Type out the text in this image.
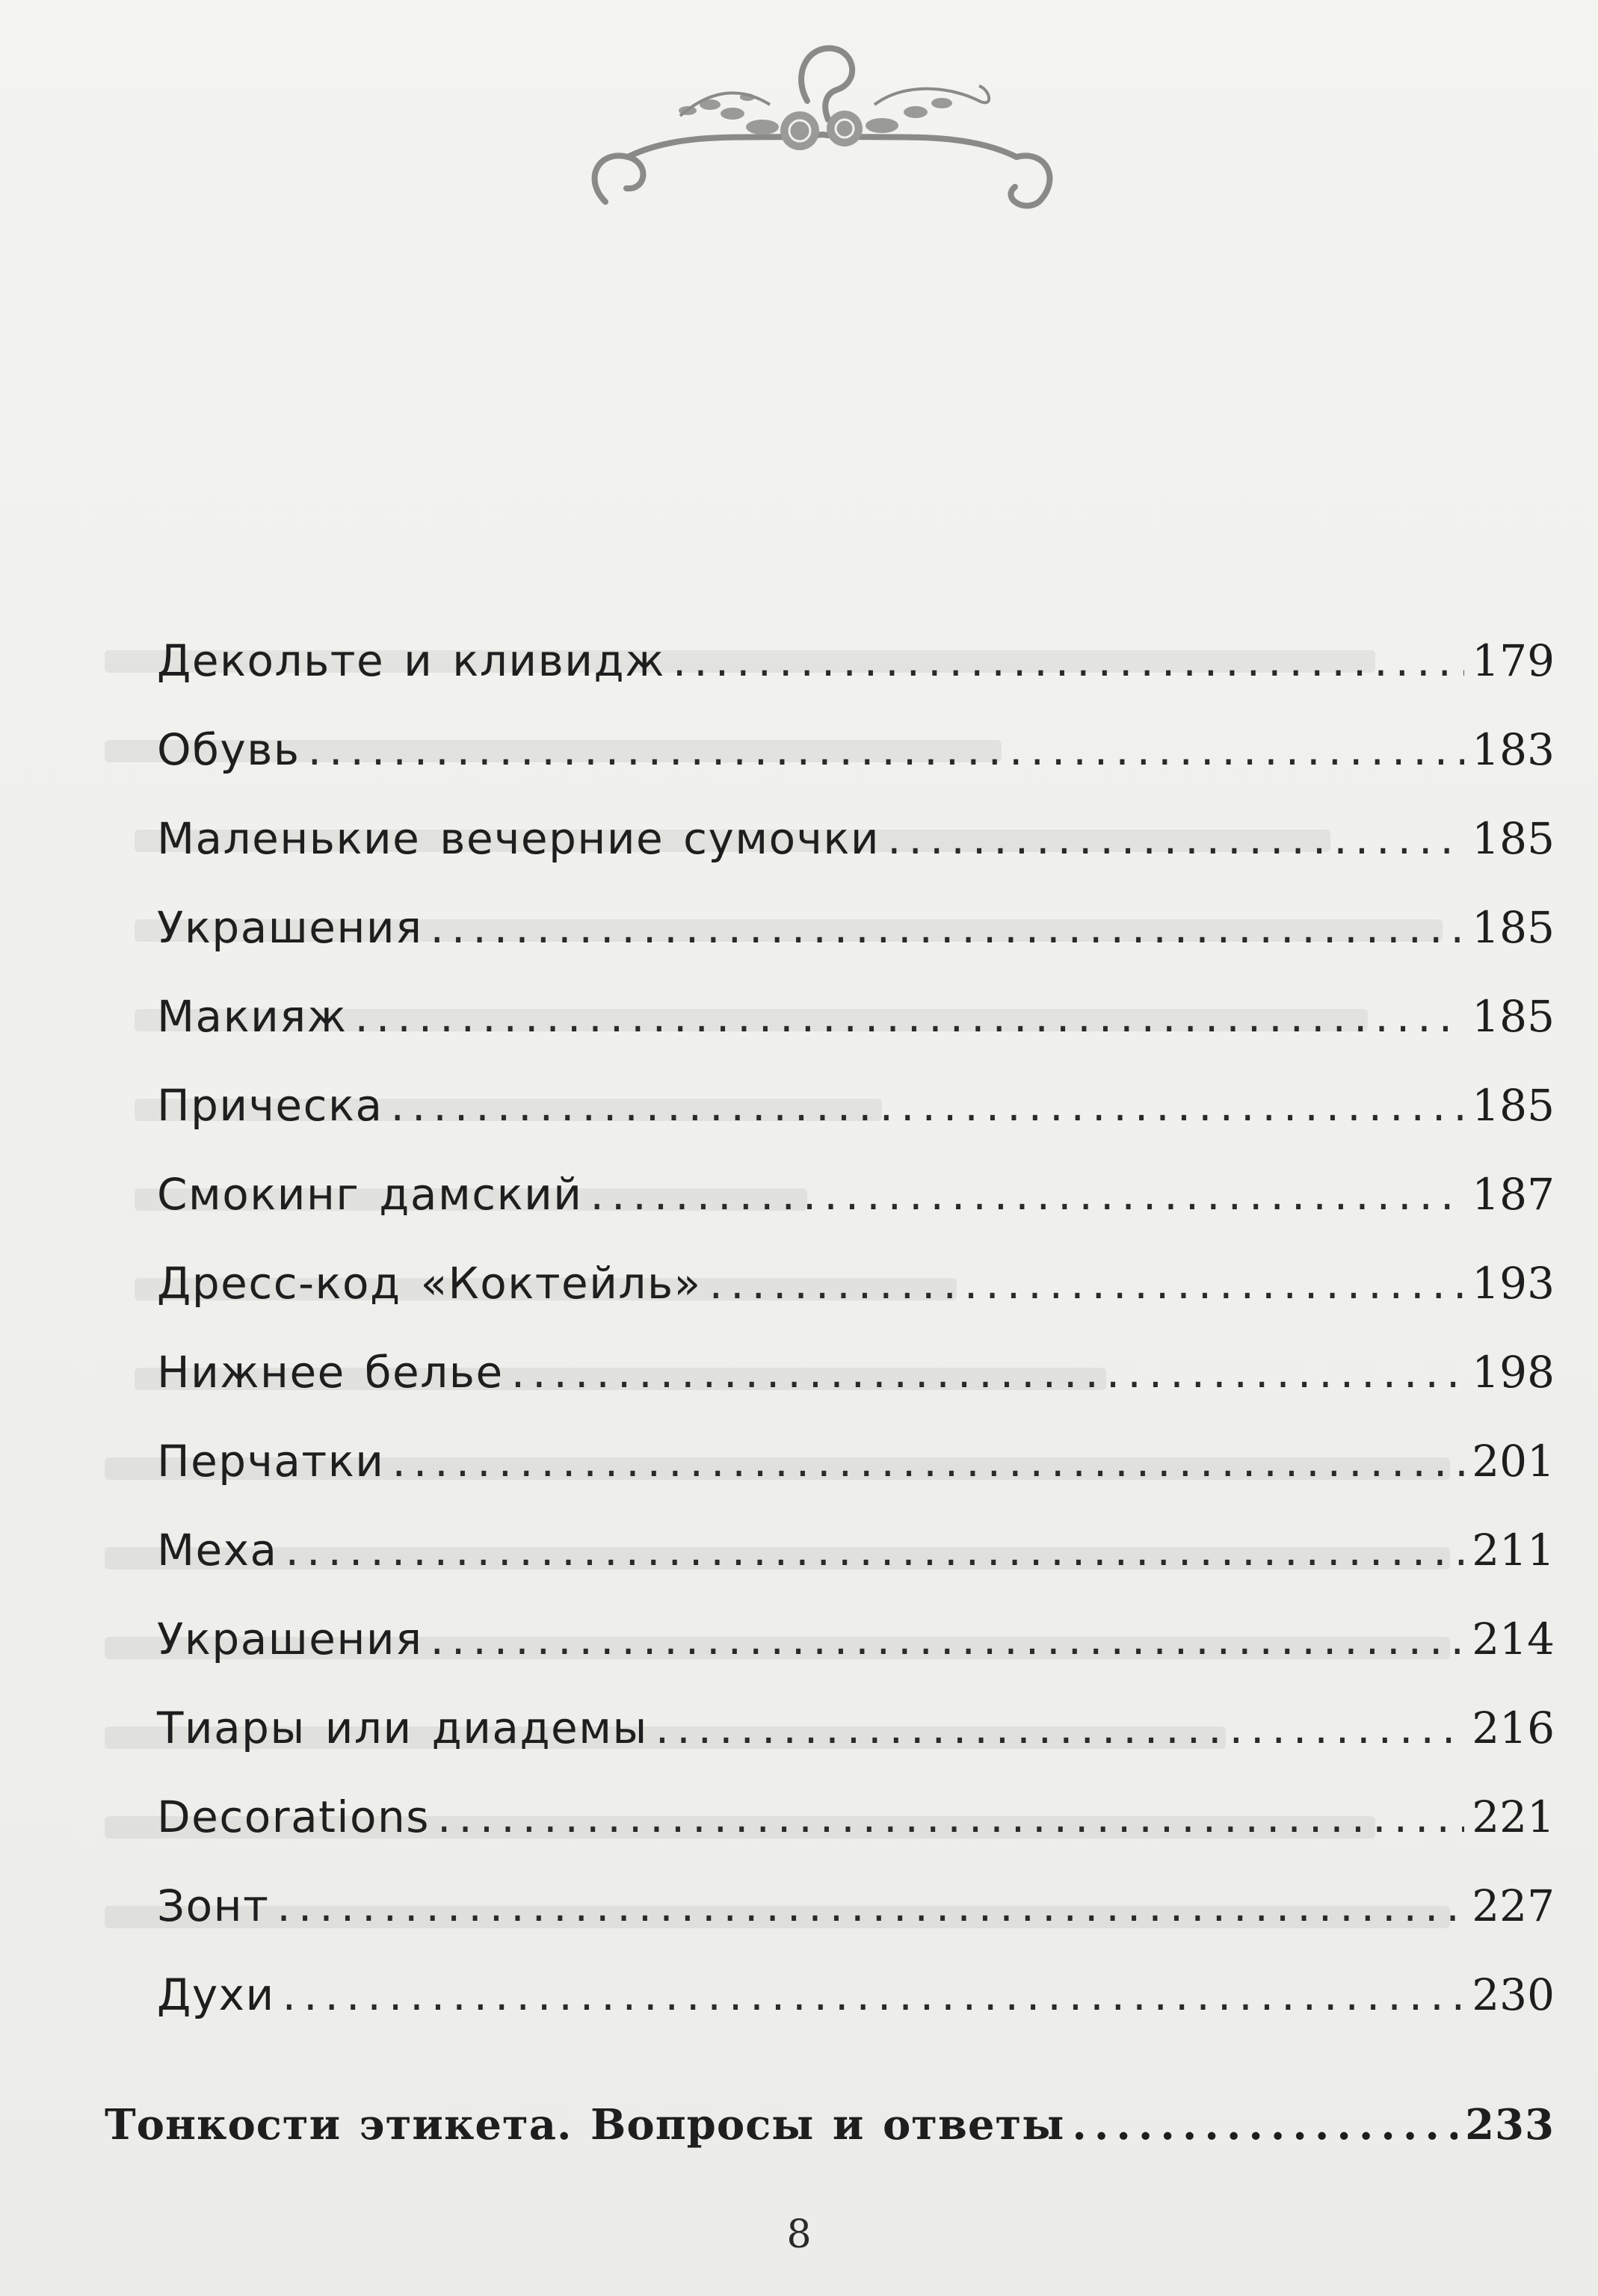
Декольте и кливидж .....	179
Обувь .....	183
Маленькие вечерние сумочки .....	185
Украшения .....	185
Макияж .....	185
Прическа .....	185
Смокинг дамский .....	187
Дресс-код «Коктейль» .....	193
Нижнее белье .....	198
Перчатки .....	201
Меха .....	211
Украшения .....	214
Тиары или диадемы .....	216
Decorations .....	221
Зонт .....	227
Духи .....	230
Тонкости этикета. Вопросы и ответы .....	233
8
